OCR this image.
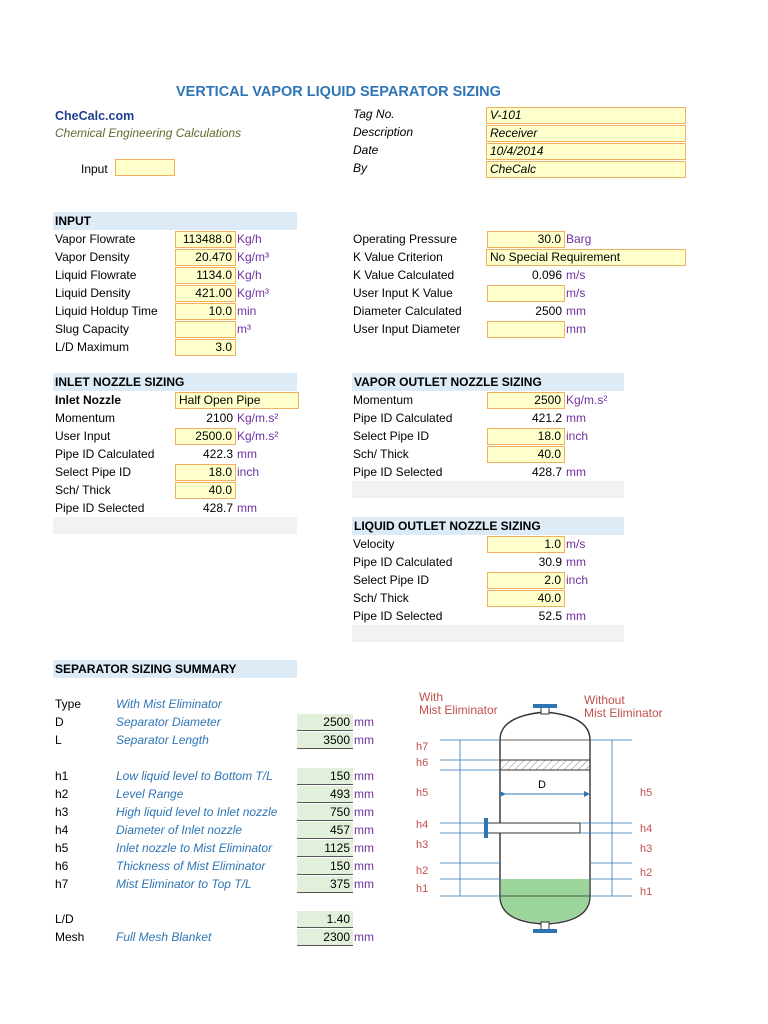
VERTICAL VAPOR LIQUID SEPARATOR SIZING
CheCalc.com
Chemical Engineering Calculations
Input
Tag No.	V-101
Description	Receiver
Date	10/4/2014
By	CheCalc
INPUT
Vapor Flowrate	113488.0 Kg/h
Vapor Density	20.470 Kg/m³
Liquid Flowrate	1134.0 Kg/h
Liquid Density	421.00 Kg/m³
Liquid Holdup Time	10.0 min
Slug Capacity	m³
L/D Maximum	3.0
Operating Pressure	30.0 Barg
K Value Criterion	No Special Requirement
K Value Calculated	0.096 m/s
User Input K Value	m/s
Diameter Calculated	2500 mm
User Input Diameter	mm
INLET NOZZLE SIZING
Inlet Nozzle	Half Open Pipe
Momentum	2100 Kg/m.s²
User Input	2500.0 Kg/m.s²
Pipe ID Calculated	422.3 mm
Select Pipe ID	18.0 inch
Sch/ Thick	40.0
Pipe ID Selected	428.7 mm
VAPOR OUTLET NOZZLE SIZING
Momentum	2500 Kg/m.s²
Pipe ID Calculated	421.2 mm
Select Pipe ID	18.0 inch
Sch/ Thick	40.0
Pipe ID Selected	428.7 mm
LIQUID OUTLET NOZZLE SIZING
Velocity	1.0 m/s
Pipe ID Calculated	30.9 mm
Select Pipe ID	2.0 inch
Sch/ Thick	40.0
Pipe ID Selected	52.5 mm
SEPARATOR SIZING SUMMARY
Type	With Mist Eliminator
D	Separator Diameter	2500 mm
L	Separator Length	3500 mm
h1	Low liquid level to Bottom T/L	150 mm
h2	Level Range	493 mm
h3	High liquid level to Inlet nozzle	750 mm
h4	Diameter of Inlet nozzle	457 mm
h5	Inlet nozzle to Mist Eliminator	1125 mm
h6	Thickness of Mist Eliminator	150 mm
h7	Mist Eliminator to Top T/L	375 mm
L/D	1.40
Mesh	Full Mesh Blanket	2300 mm
With
Mist Eliminator
Without
Mist Eliminator
D
h7
h6
h5
h4
h3
h2
h1
h5
h4
h3
h2
h1
